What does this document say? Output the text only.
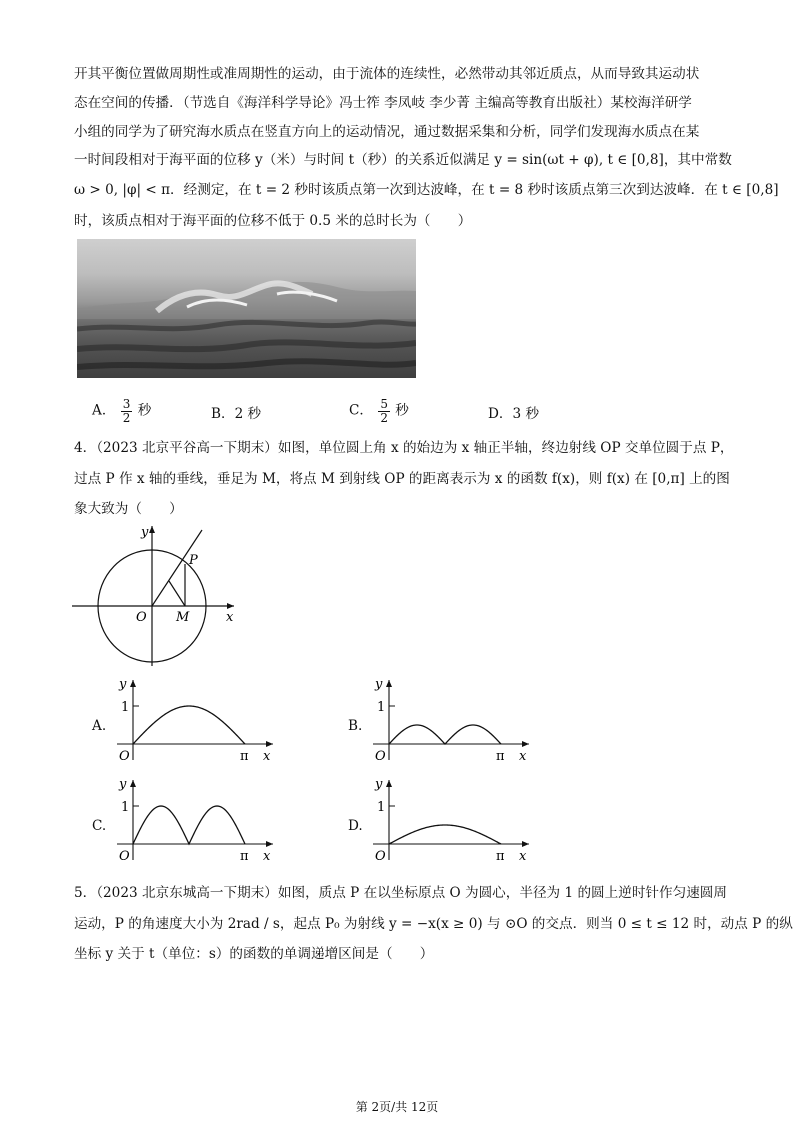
开其平衡位置做周期性或准周期性的运动，由于流体的连续性，必然带动其邻近质点，从而导致其运动状
态在空间的传播．（节选自《海洋科学导论》冯士筰 李凤岐 李少菁 主编高等教育出版社）某校海洋研学
小组的同学为了研究海水质点在竖直方向上的运动情况，通过数据采集和分析，同学们发现海水质点在某
一时间段相对于海平面的位移 y（米）与时间 t（秒）的关系近似满足 y = sin(ωt + φ), t ∈ [0,8]，其中常数
ω > 0, |φ| < π．经测定，在 t = 2 秒时该质点第一次到达波峰，在 t = 8 秒时该质点第三次到达波峰．在 t ∈ [0,8]
时，该质点相对于海平面的位移不低于 0.5 米的总时长为（　　）
A． $\frac{3}{2}$ 秒	B．2 秒	C． $\frac{5}{2}$ 秒	D．3 秒
4．（2023 北京平谷高一下期末）如图，单位圆上角 x 的始边为 x 轴正半轴，终边射线 OP 交单位圆于点 P，
过点 P 作 x 轴的垂线，垂足为 M，将点 M 到射线 OP 的距离表示为 x 的函数 f(x)，则 f(x) 在 [0,π] 上的图
象大致为（　　）
y
x
O
P
M
A.
y
x
O
1
π
B.
y
x
O
1
π
C.
y
x
O
1
π
D.
y
x
O
1
π
5．（2023 北京东城高一下期末）如图，质点 P 在以坐标原点 O 为圆心，半径为 1 的圆上逆时针作匀速圆周
运动，P 的角速度大小为 2rad / s，起点 P₀ 为射线 y = −x(x ≥ 0) 与 ⊙O 的交点．则当 0 ≤ t ≤ 12 时，动点 P 的纵
坐标 y 关于 t（单位：s）的函数的单调递增区间是（　　）
第 2页/共 12页
